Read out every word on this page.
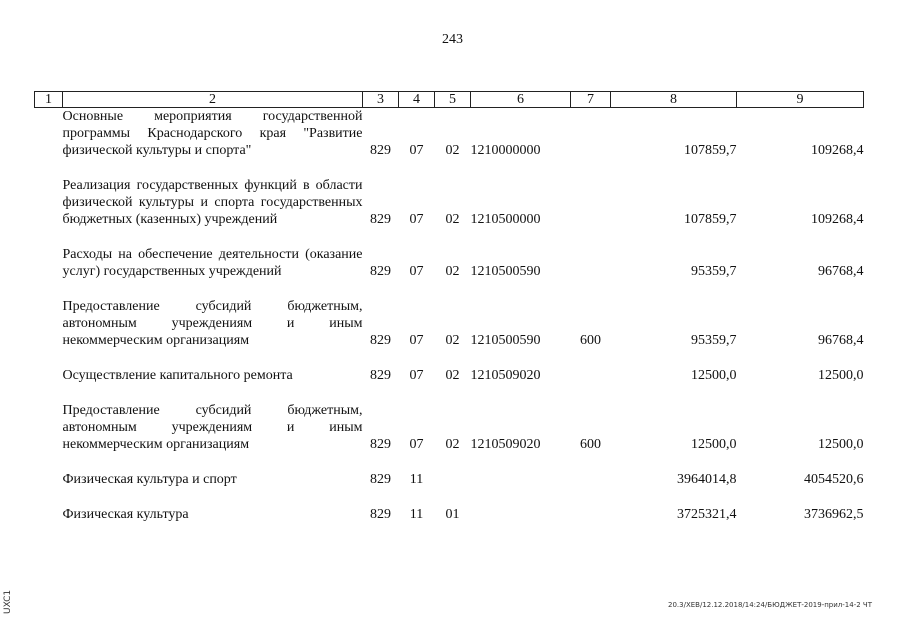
243
1	2	3	4	5	6	7	8	9
	Основные мероприятия государственной программы Краснодарского края "Развитие физической культуры и спорта"	829	07	02	1210000000		107859,7	109268,4

	Реализация государственных функций в области физической культуры и спорта государственных бюджетных (казенных) учреждений	829	07	02	1210500000		107859,7	109268,4

	Расходы на обеспечение деятельности (оказание услуг) государственных учреждений	829	07	02	1210500590		95359,7	96768,4

	Предоставление субсидий бюджетным, автономным учреждениям и иным некоммерческим организациям	829	07	02	1210500590	600	95359,7	96768,4

	Осуществление капитального ремонта	829	07	02	1210509020		12500,0	12500,0

	Предоставление субсидий бюджетным, автономным учреждениям и иным некоммерческим организациям	829	07	02	1210509020	600	12500,0	12500,0

	Физическая культура и спорт	829	11				3964014,8	4054520,6

	Физическая культура	829	11	01			3725321,4	3736962,5
20.3/ХЕВ/12.12.2018/14:24/БЮДЖЕТ-2019-прил-14-2 ЧТ
UXC1
